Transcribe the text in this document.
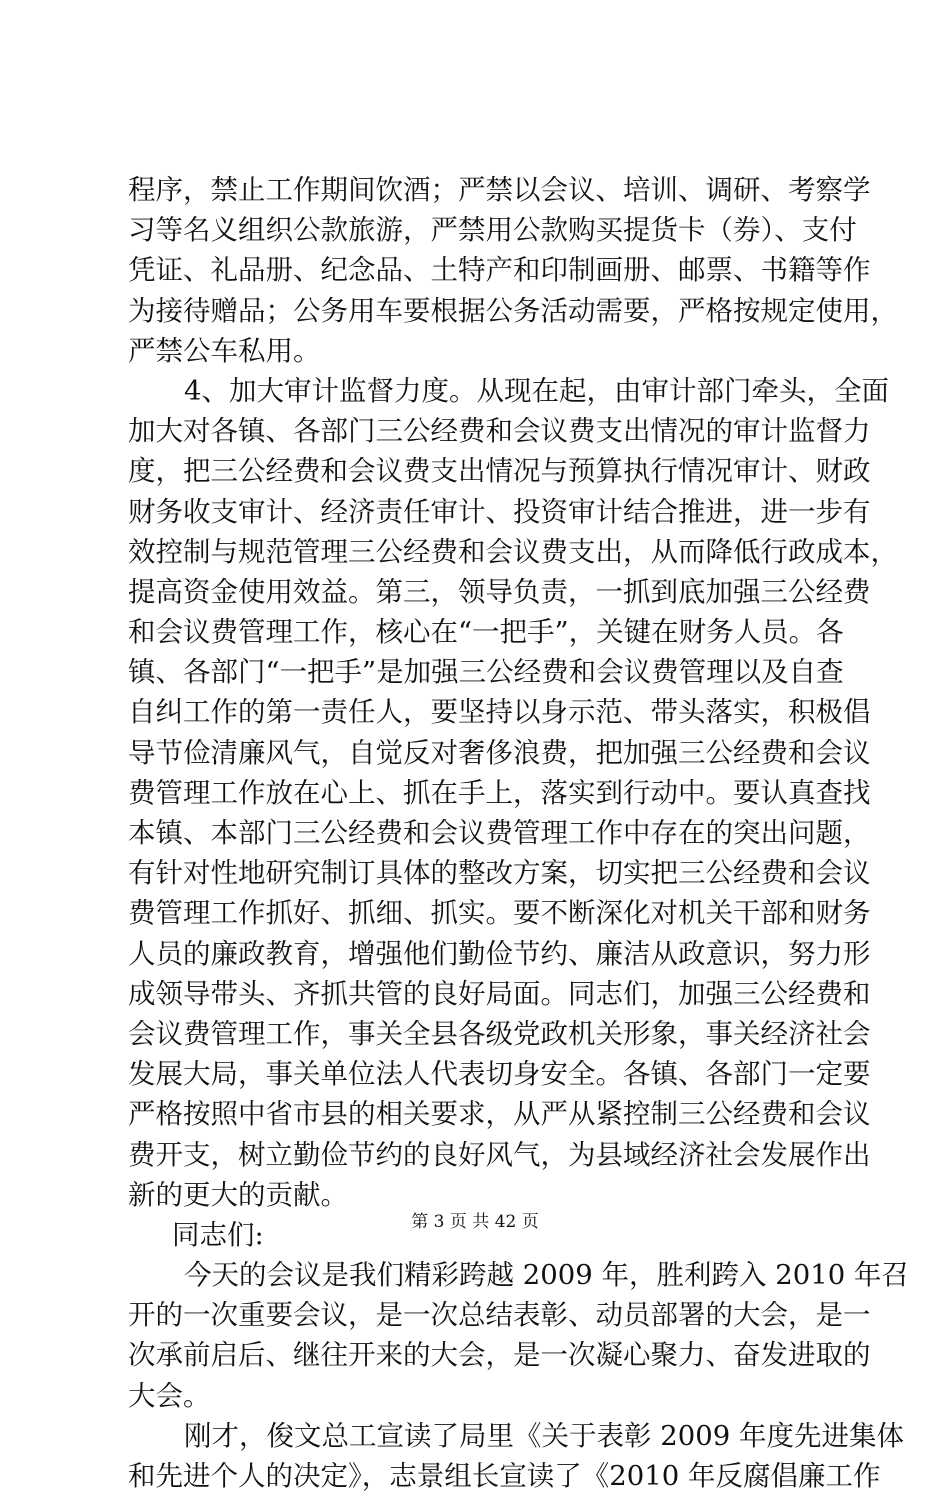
程序，禁止工作期间饮酒；严禁以会议、培训、调研、考察学
习等名义组织公款旅游，严禁用公款购买提货卡（券）、支付
凭证、礼品册、纪念品、土特产和印制画册、邮票、书籍等作
为接待赠品；公务用车要根据公务活动需要，严格按规定使用，
严禁公车私用。
4、加大审计监督力度。从现在起，由审计部门牵头，全面
加大对各镇、各部门三公经费和会议费支出情况的审计监督力
度，把三公经费和会议费支出情况与预算执行情况审计、财政
财务收支审计、经济责任审计、投资审计结合推进，进一步有
效控制与规范管理三公经费和会议费支出，从而降低行政成本，
提高资金使用效益。第三，领导负责，一抓到底加强三公经费
和会议费管理工作，核心在“一把手”，关键在财务人员。各
镇、各部门“一把手”是加强三公经费和会议费管理以及自查
自纠工作的第一责任人，要坚持以身示范、带头落实，积极倡
导节俭清廉风气，自觉反对奢侈浪费，把加强三公经费和会议
费管理工作放在心上、抓在手上，落实到行动中。要认真查找
本镇、本部门三公经费和会议费管理工作中存在的突出问题，
有针对性地研究制订具体的整改方案，切实把三公经费和会议
费管理工作抓好、抓细、抓实。要不断深化对机关干部和财务
人员的廉政教育，增强他们勤俭节约、廉洁从政意识，努力形
成领导带头、齐抓共管的良好局面。同志们，加强三公经费和
会议费管理工作，事关全县各级党政机关形象，事关经济社会
发展大局，事关单位法人代表切身安全。各镇、各部门一定要
严格按照中省市县的相关要求，从严从紧控制三公经费和会议
费开支，树立勤俭节约的良好风气，为县域经济社会发展作出
新的更大的贡献。
同志们:
今天的会议是我们精彩跨越 2009 年，胜利跨入 2010 年召
开的一次重要会议，是一次总结表彰、动员部署的大会，是一
次承前启后、继往开来的大会，是一次凝心聚力、奋发进取的
大会。
刚才，俊文总工宣读了局里《关于表彰 2009 年度先进集体
和先进个人的决定》，志景组长宣读了《2010 年反腐倡廉工作
第 3 页 共 42 页
